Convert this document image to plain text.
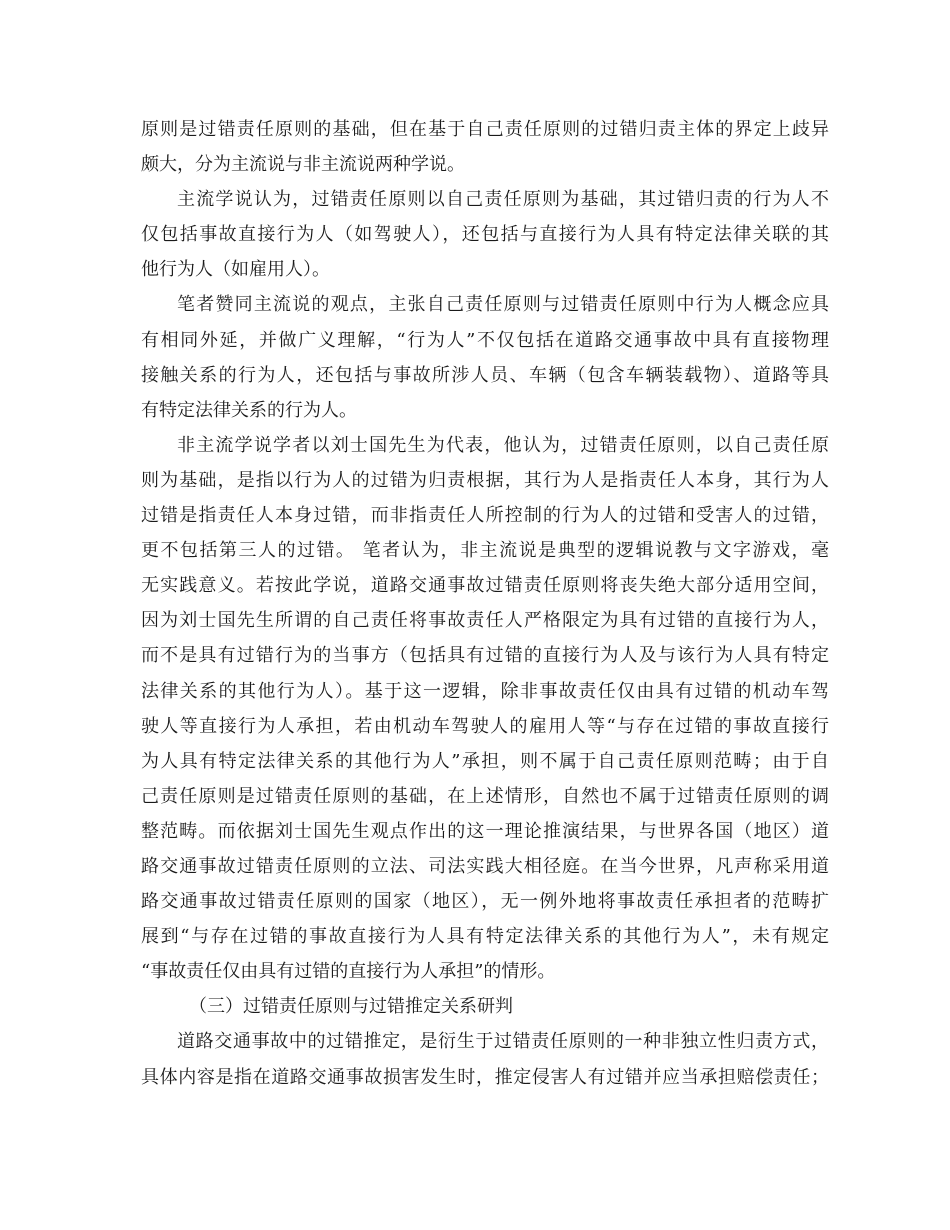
原则是过错责任原则的基础，但在基于自己责任原则的过错归责主体的界定上歧异
颇大，分为主流说与非主流说两种学说。
主流学说认为，过错责任原则以自己责任原则为基础，其过错归责的行为人不
仅包括事故直接行为人（如驾驶人），还包括与直接行为人具有特定法律关联的其
他行为人（如雇用人）。
笔者赞同主流说的观点，主张自己责任原则与过错责任原则中行为人概念应具
有相同外延，并做广义理解，“行为人”不仅包括在道路交通事故中具有直接物理
接触关系的行为人，还包括与事故所涉人员、车辆（包含车辆装载物）、道路等具
有特定法律关系的行为人。
非主流学说学者以刘士国先生为代表，他认为，过错责任原则，以自己责任原
则为基础，是指以行为人的过错为归责根据，其行为人是指责任人本身，其行为人
过错是指责任人本身过错，而非指责任人所控制的行为人的过错和受害人的过错，
更不包括第三人的过错。 笔者认为，非主流说是典型的逻辑说教与文字游戏，毫
无实践意义。若按此学说，道路交通事故过错责任原则将丧失绝大部分适用空间，
因为刘士国先生所谓的自己责任将事故责任人严格限定为具有过错的直接行为人，
而不是具有过错行为的当事方（包括具有过错的直接行为人及与该行为人具有特定
法律关系的其他行为人）。基于这一逻辑，除非事故责任仅由具有过错的机动车驾
驶人等直接行为人承担，若由机动车驾驶人的雇用人等“与存在过错的事故直接行
为人具有特定法律关系的其他行为人”承担，则不属于自己责任原则范畴；由于自
己责任原则是过错责任原则的基础，在上述情形，自然也不属于过错责任原则的调
整范畴。而依据刘士国先生观点作出的这一理论推演结果，与世界各国（地区）道
路交通事故过错责任原则的立法、司法实践大相径庭。在当今世界，凡声称采用道
路交通事故过错责任原则的国家（地区），无一例外地将事故责任承担者的范畴扩
展到“与存在过错的事故直接行为人具有特定法律关系的其他行为人”，未有规定
“事故责任仅由具有过错的直接行为人承担”的情形。
（三）过错责任原则与过错推定关系研判
道路交通事故中的过错推定，是衍生于过错责任原则的一种非独立性归责方式，
具体内容是指在道路交通事故损害发生时，推定侵害人有过错并应当承担赔偿责任；
